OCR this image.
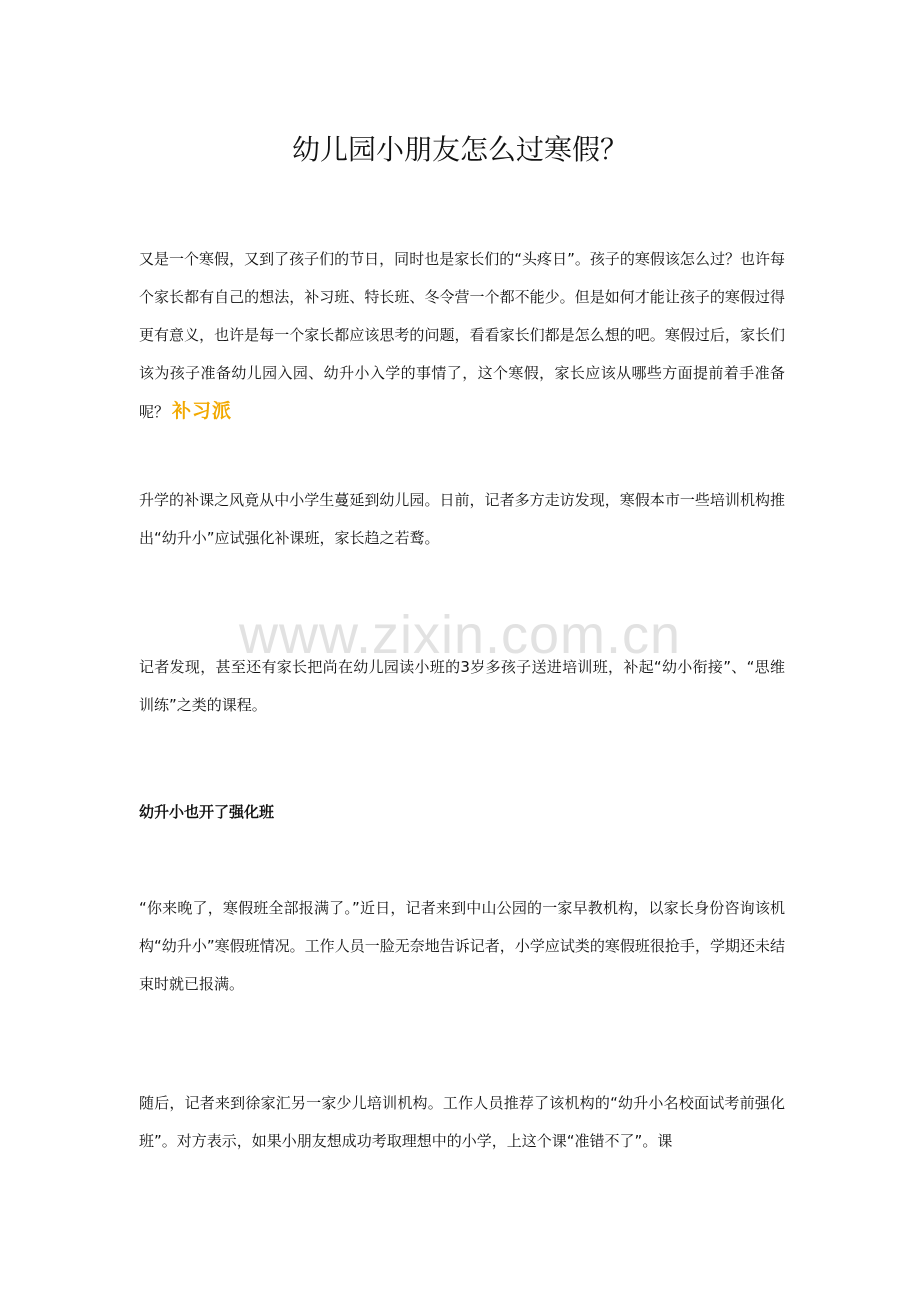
幼儿园小朋友怎么过寒假？

又是一个寒假，又到了孩子们的节日，同时也是家长们的“头疼日”。孩子的寒假该怎么过？也许每个家长都有自己的想法，补习班、特长班、冬令营一个都不能少。但是如何才能让孩子的寒假过得更有意义，也许是每一个家长都应该思考的问题，看看家长们都是怎么想的吧。寒假过后，家长们该为孩子准备幼儿园入园、幼升小入学的事情了，这个寒假，家长应该从哪些方面提前着手准备呢？ 补习派

升学的补课之风竟从中小学生蔓延到幼儿园。日前，记者多方走访发现，寒假本市一些培训机构推出“幼升小”应试强化补课班，家长趋之若鹜。

记者发现，甚至还有家长把尚在幼儿园读小班的3岁多孩子送进培训班，补起“幼小衔接”、“思维训练”之类的课程。

幼升小也开了强化班

“你来晚了，寒假班全部报满了。”近日，记者来到中山公园的一家早教机构，以家长身份咨询该机构“幼升小”寒假班情况。工作人员一脸无奈地告诉记者，小学应试类的寒假班很抢手，学期还未结束时就已报满。

随后，记者来到徐家汇另一家少儿培训机构。工作人员推荐了该机构的“幼升小名校面试考前强化班”。对方表示，如果小朋友想成功考取理想中的小学，上这个课“准错不了”。课

www.zixin.com.cn
